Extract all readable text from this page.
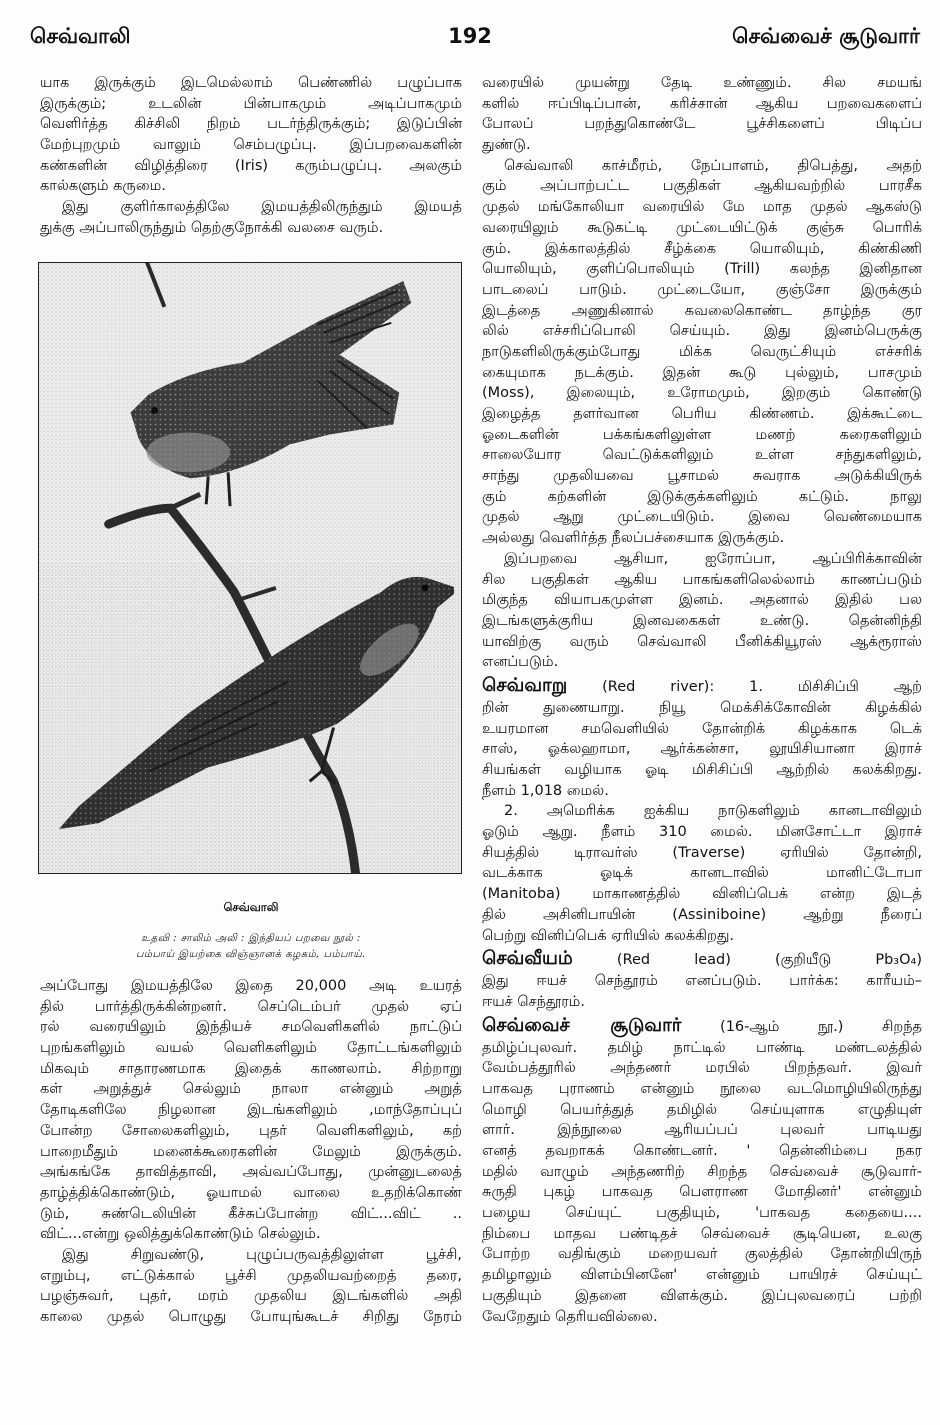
செவ்வாலி	192	செவ்வைச் சூடுவார்
யாக இருக்கும் இடமெல்லாம் பெண்ணில் பழுப்பாக
இருக்கும்; உடலின் பின்பாகமும் அடிப்பாகமும்
வெளிர்த்த கிச்சிலி நிறம் படர்ந்திருக்கும்; இடுப்பின்
மேற்புறமும் வாலும் செம்பழுப்பு. இப்பறவைகளின்
கண்களின் விழித்திரை (Iris) கரும்பழுப்பு. அலகும்
கால்களும் கருமை.
இது குளிர்காலத்திலே இமயத்திலிருந்தும் இமயத்
துக்கு அப்பாலிருந்தும் தெற்குநோக்கி வலசை வரும்.
செவ்வாலி
உதவி : சாலிம் அலி : இந்தியப் பறவை நூல் :
பம்பாய் இயற்கை விஞ்ஞானக் கழகம், பம்பாய்.
அப்போது இமயத்திலே இதை 20,000 அடி உயரத்
தில் பார்த்திருக்கின்றனர். செப்டெம்பர் முதல் ஏப்
ரல் வரையிலும் இந்தியச் சமவெளிகளில் நாட்டுப்
புறங்களிலும் வயல் வெளிகளிலும் தோட்டங்களிலும்
மிகவும் சாதாரணமாக இதைக் காணலாம். சிற்றாறு
கள் அறுத்துச் செல்லும் நாலா என்னும் அறுத்
தோடிகளிலே நிழலான இடங்களிலும் ,மாந்தோப்புப்
போன்ற சோலைகளிலும், புதர் வெளிகளிலும், கற்
பாறைமீதும் மனைக்கூரைகளின் மேலும் இருக்கும்.
அங்கங்கே தாவித்தாவி, அவ்வப்போது, முன்னுடலைத்
தாழ்த்திக்கொண்டும், ஓயாமல் வாலை உதறிக்கொண்
டும், சுண்டெலியின் கீச்சுப்போன்ற விட்...விட் ..
விட்...என்று ஒலித்துக்கொண்டும் செல்லும்.
இது சிறுவண்டு, புழுப்பருவத்திலுள்ள பூச்சி,
எறும்பு, எட்டுக்கால் பூச்சி முதலியவற்றைத் தரை,
பழஞ்சுவர், புதர், மரம் முதலிய இடங்களில் அதி
காலை முதல் பொழுது போயுங்கூடச் சிறிது நேரம்
வரையில் முயன்று தேடி உண்ணும். சில சமயங்
களில் ஈப்பிடிப்பான், கரிச்சான் ஆகிய பறவைகளைப்
போலப் பறந்துகொண்டே பூச்சிகளைப் பிடிப்ப
துண்டு.
செவ்வாலி காச்மீரம், நேப்பாளம், திபெத்து, அதற்
கும் அப்பாற்பட்ட பகுதிகள் ஆகியவற்றில் பாரசீக
முதல் மங்கோலியா வரையில் மே மாத முதல் ஆகஸ்டு
வரையிலும் கூடுகட்டி முட்டையிட்டுக் குஞ்சு பொரிக்
கும். இக்காலத்தில் சீழ்க்கை யொலியும், கிண்கிணி
யொலியும், குளிப்பொலியும் (Trill) கலந்த இனிதான
பாடலைப் பாடும். முட்டையோ, குஞ்சோ இருக்கும்
இடத்தை அணுகினால் கவலைகொண்ட தாழ்ந்த குர
லில் எச்சரிப்பொலி செய்யும். இது இனம்பெருக்கு
நாடுகளிலிருக்கும்போது மிக்க வெருட்சியும் எச்சரிக்
கையுமாக நடக்கும். இதன் கூடு புல்லும், பாசமும்
(Moss), இலையும், உரோமமும், இறகும் கொண்டு
இழைத்த தளர்வான பெரிய கிண்ணம். இக்கூட்டை
ஓடைகளின் பக்கங்களிலுள்ள மணற் கரைகளிலும்
சாலையோர வெட்டுக்களிலும் உள்ள சந்துகளிலும்,
சாந்து முதலியவை பூசாமல் சுவராக அடுக்கியிருக்
கும் கற்களின் இடுக்குக்களிலும் கட்டும். நாலு
முதல் ஆறு முட்டையிடும். இவை வெண்மையாக
அல்லது வெளிர்த்த நீலப்பச்சையாக இருக்கும்.
இப்பறவை ஆசியா, ஐரோப்பா, ஆப்பிரிக்காவின்
சில பகுதிகள் ஆகிய பாகங்களிலெல்லாம் காணப்படும்
மிகுந்த வியாபகமுள்ள இனம். அதனால் இதில் பல
இடங்களுக்குரிய இனவகைகள் உண்டு. தென்னிந்தி
யாவிற்கு வரும் செவ்வாலி பீனிக்கியூரஸ் ஆக்ரூராஸ்
எனப்படும்.
செவ்வாறு (Red river): 1. மிசிசிப்பி ஆற்
றின் துணையாறு. நியூ மெக்சிக்கோவின் கிழக்கில்
உயரமான சமவெளியில் தோன்றிக் கிழக்காக டெக்
சாஸ், ஓக்லஹாமா, ஆர்க்கன்சா, லூயிசியானா இராச்
சியங்கள் வழியாக ஓடி மிசிசிப்பி ஆற்றில் கலக்கிறது.
நீளம் 1,018 மைல்.
2. அமெரிக்க ஐக்கிய நாடுகளிலும் கானடாவிலும்
ஓடும் ஆறு. நீளம் 310 மைல். மினசோட்டா இராச்
சியத்தில் டிராவர்ஸ் (Traverse) ஏரியில் தோன்றி,
வடக்காக ஓடிக் கானடாவில் மானிட்டோபா
(Manitoba) மாகாணத்தில் வினிப்பெக் என்ற இடத்
தில் அசினிபாயின் (Assiniboine) ஆற்று நீரைப்
பெற்று வினிப்பெக் ஏரியில் கலக்கிறது.
செவ்வீயம்	(Red lead) (குறியீடு Pb₃O₄)
இது ஈயச் செந்தூரம் எனப்படும். பார்க்க: காரீயம்–
ஈயச் செந்தூரம்.
செவ்வைச் சூடுவார்	(16-ஆம் நூ.) சிறந்த
தமிழ்ப்புலவர். தமிழ் நாட்டில் பாண்டி மண்டலத்தில்
வேம்பத்தூரில் அந்தணர் மரபில் பிறந்தவர். இவர்
பாகவத புராணம் என்னும் நூலை வடமொழியிலிருந்து
மொழி பெயர்த்துத் தமிழில் செய்யுளாக எழுதியுள்
ளார். இந்நூலை ஆரியப்பப் புலவர் பாடியது
எனத் தவறாகக் கொண்டனர். ' தென்னிம்பை நகர
மதில் வாழும் அந்தணரிற் சிறந்த செவ்வைச் சூடுவார்-
சுருதி புகழ் பாகவத பௌராண மோதினர்' என்னும்
பழைய செய்யுட் பகுதியும், 'பாகவத கதையை....
நிம்பை மாதவ பண்டிதச் செவ்வைச் சூடியென, உலகு
போற்ற வதிங்கும் மறையவர் குலத்தில் தோன்றியிருந்
தமிழாலும் விளம்பினனே' என்னும் பாயிரச் செய்யுட்
பகுதியும் இதனை விளக்கும். இப்புலவரைப் பற்றி
வேறேதும் தெரியவில்லை.
